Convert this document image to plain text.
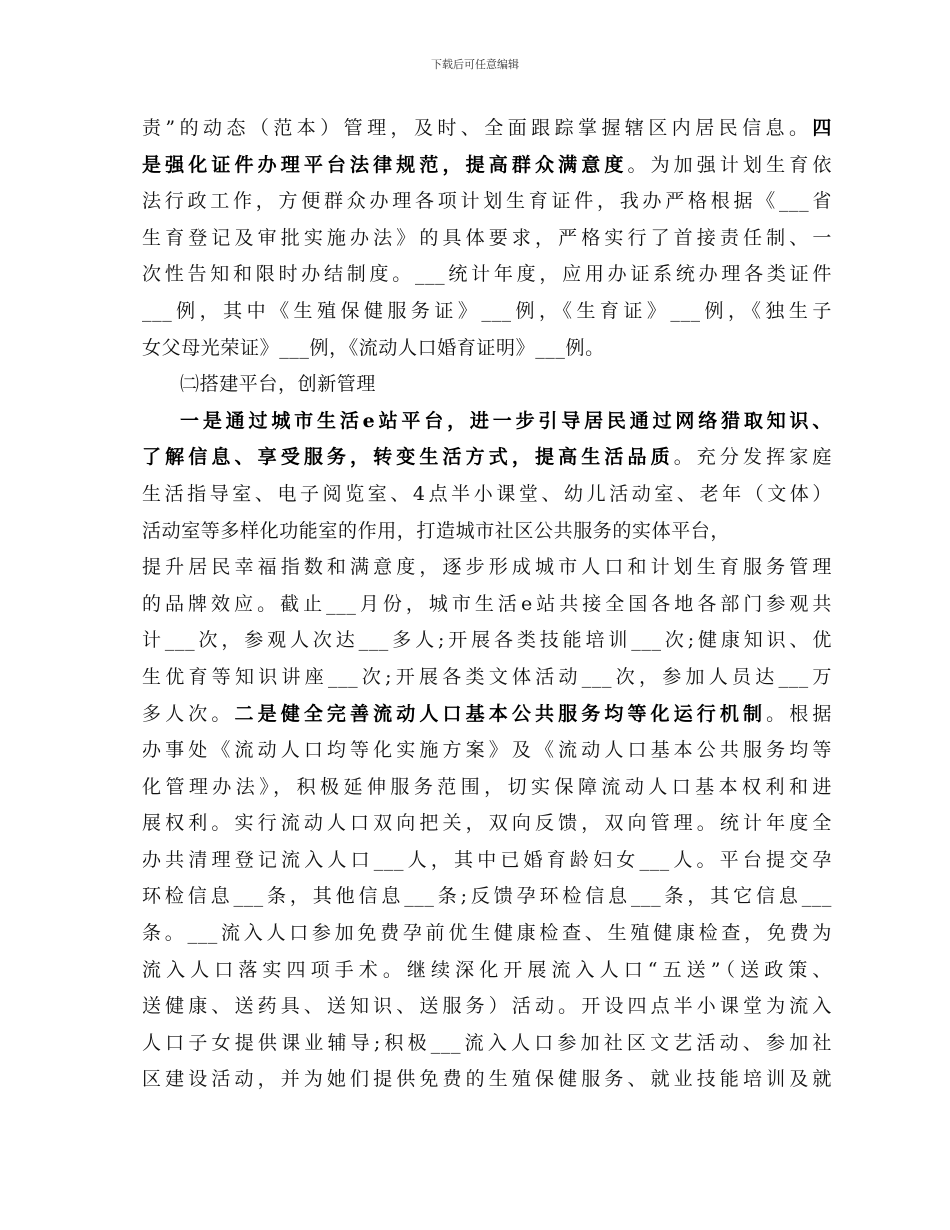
下载后可任意编辑
责”的动态（范本）管理，及时、全面跟踪掌握辖区内居民信息。四
是强化证件办理平台法律规范，提高群众满意度。为加强计划生育依
法行政工作，方便群众办理各项计划生育证件，我办严格根据《___省
生育登记及审批实施办法》的具体要求，严格实行了首接责任制、一
次性告知和限时办结制度。___统计年度，应用办证系统办理各类证件
___例，其中《生殖保健服务证》___例，《生育证》___例，《独生子
女父母光荣证》___例，《流动人口婚育证明》___例。
㈡搭建平台，创新管理
一是通过城市生活e站平台，进一步引导居民通过网络猎取知识、
了解信息、享受服务，转变生活方式，提高生活品质。充分发挥家庭
生活指导室、电子阅览室、4点半小课堂、幼儿活动室、老年（文体）
活动室等多样化功能室的作用，打造城市社区公共服务的实体平台，
提升居民幸福指数和满意度，逐步形成城市人口和计划生育服务管理
的品牌效应。截止___月份，城市生活e站共接全国各地各部门参观共
计___次，参观人次达___多人;开展各类技能培训___次;健康知识、优
生优育等知识讲座___次;开展各类文体活动___次，参加人员达___万
多人次。二是健全完善流动人口基本公共服务均等化运行机制。根据
办事处《流动人口均等化实施方案》及《流动人口基本公共服务均等
化管理办法》，积极延伸服务范围，切实保障流动人口基本权利和进
展权利。实行流动人口双向把关，双向反馈，双向管理。统计年度全
办共清理登记流入人口___人，其中已婚育龄妇女___人。平台提交孕
环检信息___条，其他信息___条;反馈孕环检信息___条，其它信息___
条。___流入人口参加免费孕前优生健康检查、生殖健康检查，免费为
流入人口落实四项手术。继续深化开展流入人口“五送”（送政策、
送健康、送药具、送知识、送服务）活动。开设四点半小课堂为流入
人口子女提供课业辅导;积极___流入人口参加社区文艺活动、参加社
区建设活动，并为她们提供免费的生殖保健服务、就业技能培训及就
